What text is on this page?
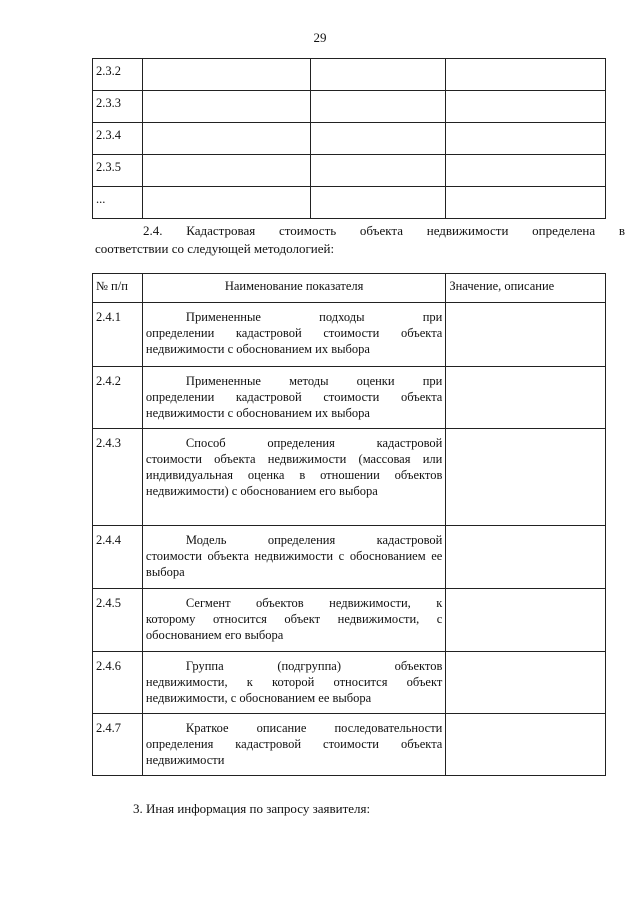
29
2.3.2			
2.3.3			
2.3.4			
2.3.5			
...			
2.4. Кадастровая стоимость объекта недвижимости определена в
соответствии со следующей методологией:
№ п/п	Наименование показателя	Значение, описание
2.4.1	Примененные подходы при
определении кадастровой стоимости объекта недвижимости с обоснованием их выбора	
2.4.2	Примененные методы оценки при
определении кадастровой стоимости объекта недвижимости с обоснованием их выбора	
2.4.3	Способ определения кадастровой
стоимости объекта недвижимости (массовая или индивидуальная оценка в отношении объектов недвижимости) с обоснованием его выбора	
2.4.4	Модель определения кадастровой
стоимости объекта недвижимости с обоснованием ее выбора	
2.4.5	Сегмент объектов недвижимости, к
которому относится объект недвижимости, с обоснованием его выбора	
2.4.6	Группа (подгруппа) объектов
недвижимости, к которой относится объект недвижимости, с обоснованием ее выбора	
2.4.7	Краткое описание последовательности
определения кадастровой стоимости объекта недвижимости	
3. Иная информация по запросу заявителя:
